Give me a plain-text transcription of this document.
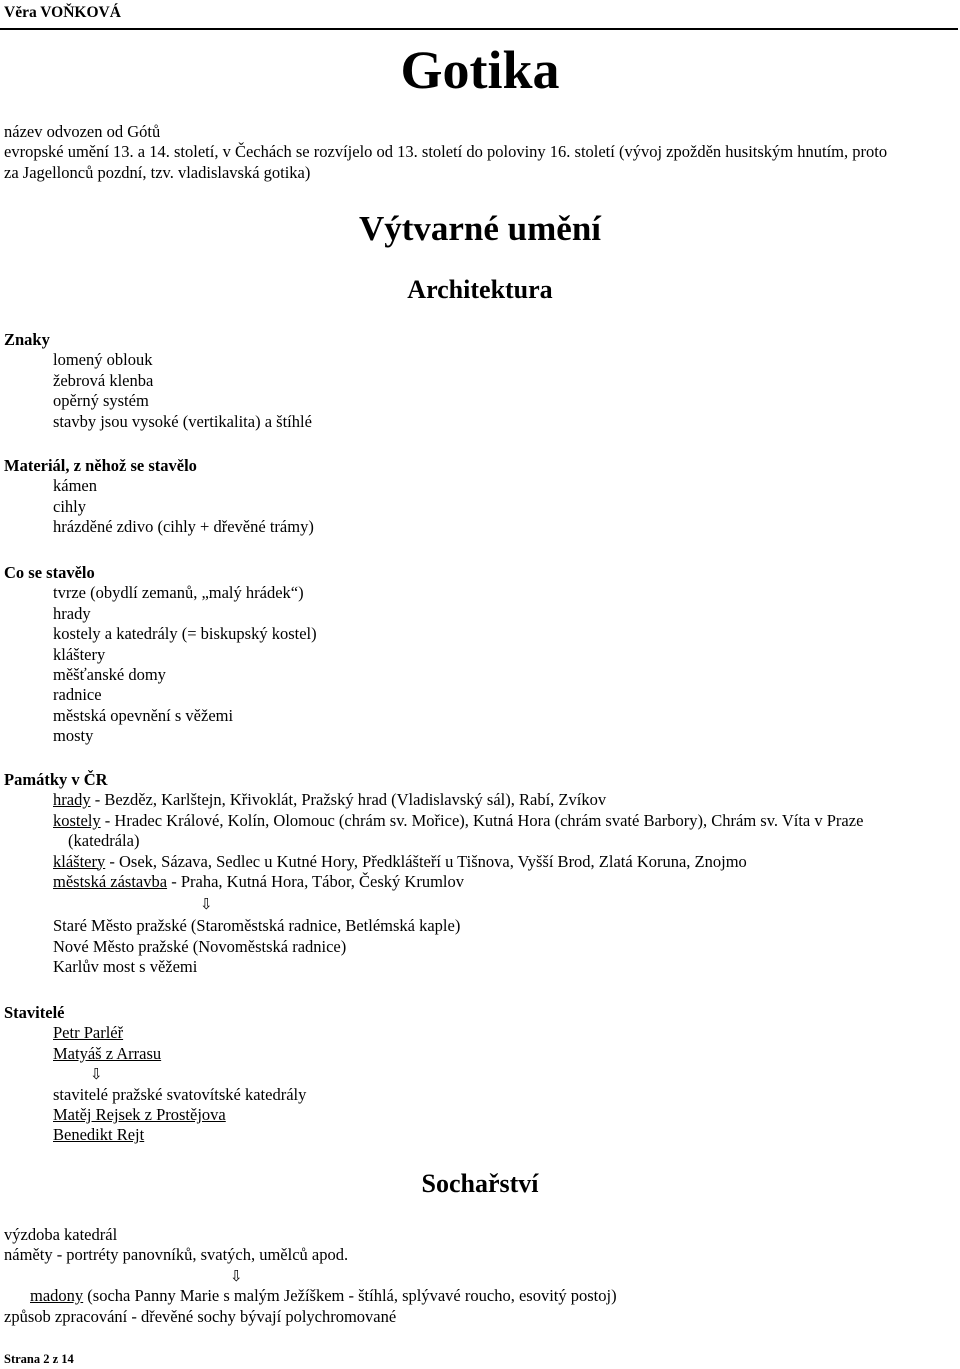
Věra VOŇKOVÁ
Gotika
název odvozen od Gótů
evropské umění 13. a 14. století, v Čechách se rozvíjelo od 13. století do poloviny 16. století (vývoj zpožděn husitským hnutím, proto
za Jagellonců pozdní, tzv. vladislavská gotika)
Výtvarné umění
Architektura
Znaky
lomený oblouk
žebrová klenba
opěrný systém
stavby jsou vysoké (vertikalita) a štíhlé
Materiál, z něhož se stavělo
kámen
cihly
hrázděné zdivo (cihly + dřevěné trámy)
Co se stavělo
tvrze (obydlí zemanů, „malý hrádek“)
hrady
kostely a katedrály (= biskupský kostel)
kláštery
měšťanské domy
radnice
městská opevnění s věžemi
mosty
Památky v ČR
hrady - Bezděz, Karlštejn, Křivoklát, Pražský hrad (Vladislavský sál), Rabí, Zvíkov
kostely - Hradec Králové, Kolín, Olomouc (chrám sv. Mořice), Kutná Hora (chrám svaté Barbory), Chrám sv. Víta v Praze
(katedrála)
kláštery - Osek, Sázava, Sedlec u Kutné Hory, Předklášteří u Tišnova, Vyšší Brod, Zlatá Koruna, Znojmo
městská zástavba - Praha, Kutná Hora, Tábor, Český Krumlov
⇩
Staré Město pražské (Staroměstská radnice, Betlémská kaple)
Nové Město pražské (Novoměstská radnice)
Karlův most s věžemi
Stavitelé
Petr Parléř
Matyáš z Arrasu
⇩
stavitelé pražské svatovítské katedrály
Matěj Rejsek z Prostějova
Benedikt Rejt
Sochařství
výzdoba katedrál
náměty - portréty panovníků, svatých, umělců apod.
⇩
madony (socha Panny Marie s malým Ježíškem - štíhlá, splývavé roucho, esovitý postoj)
způsob zpracování - dřevěné sochy bývají polychromované
Strana 2 z 14
